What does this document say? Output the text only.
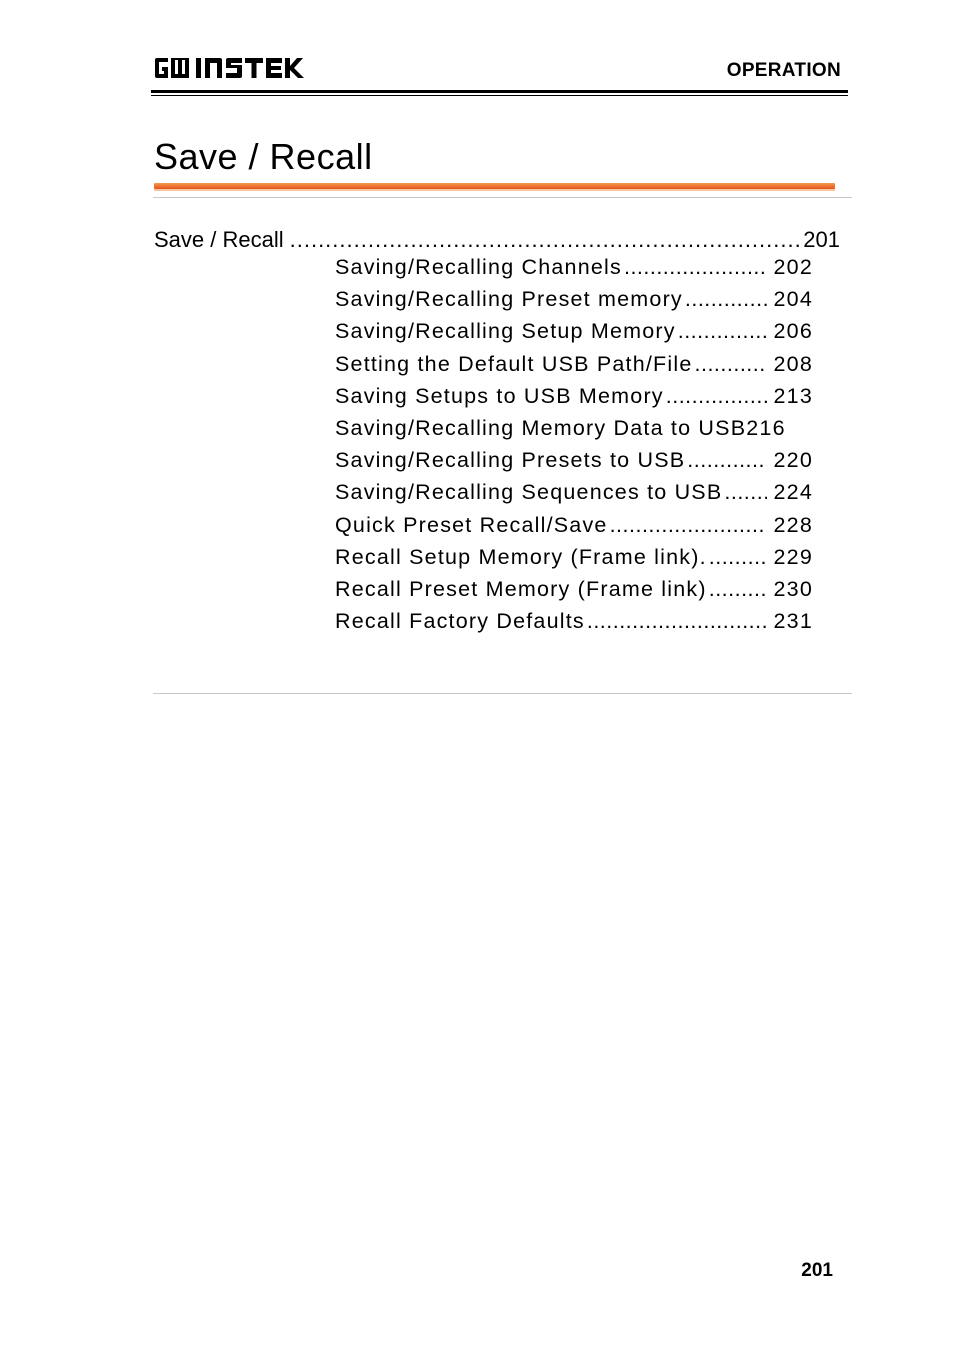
OPERATION
Save / Recall
Save / Recall .....	201
Saving/Recalling Channels .....	202
Saving/Recalling Preset memory .....	204
Saving/Recalling Setup Memory .....	206
Setting the Default USB Path/File .....	208
Saving Setups to USB Memory .....	213
Saving/Recalling Memory Data to USB 216
Saving/Recalling Presets to USB .....	220
Saving/Recalling Sequences to USB ..... 224
Quick Preset Recall/Save .....	228
Recall Setup Memory (Frame link). .....	229
Recall Preset Memory (Frame link) .....	230
Recall Factory Defaults .....	231
201
